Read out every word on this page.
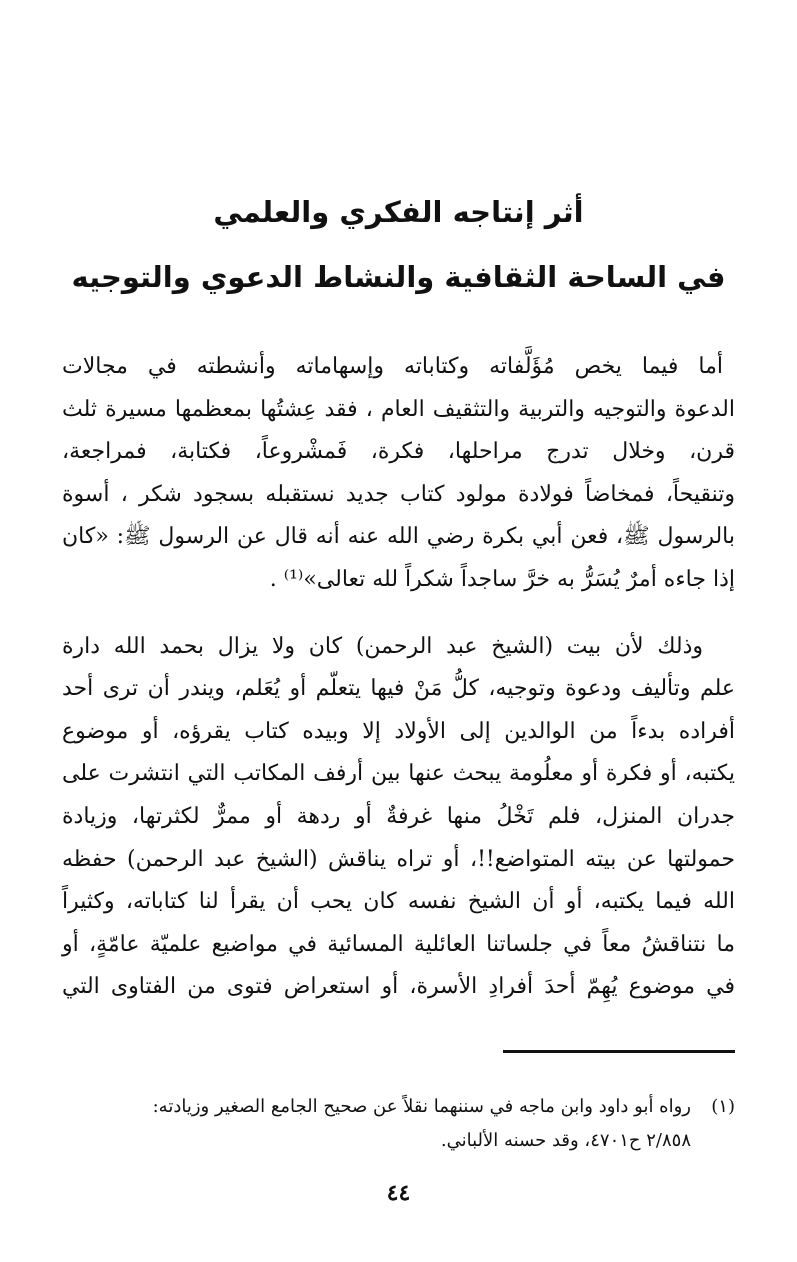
أثر إنتاجه الفكري والعلمي
في الساحة الثقافية والنشاط الدعوي والتوجيه

أما فيما يخص مُؤَلَّفاته وكتاباته وإسهاماته وأنشطته في مجالات
الدعوة والتوجيه والتربية والتثقيف العام ، فقد عِشتُها بمعظمها مسيرة ثلث
قرن، وخلال تدرج مراحلها، فكرة، فَمشْروعاً، فكتابة، فمراجعة،
وتنقيحاً، فمخاضاً فولادة مولود كتاب جديد نستقبله بسجود شكر ، أسوة
بالرسول ﷺ، فعن أبي بكرة رضي الله عنه أنه قال عن الرسول ﷺ: «كان
إذا جاءه أمرٌ يُسَرُّ به خرَّ ساجداً شكراً لله تعالى»⁽¹⁾ .

وذلك لأن بيت (الشيخ عبد الرحمن) كان ولا يزال بحمد الله دارة
علم وتأليف ودعوة وتوجيه، كلُّ مَنْ فيها يتعلّم أو يُعَلم، ويندر أن ترى أحد
أفراده بدءاً من الوالدين إلى الأولاد إلا وبيده كتاب يقرؤه، أو موضوع
يكتبه، أو فكرة أو معلُومة يبحث عنها بين أرفف المكاتب التي انتشرت على
جدران المنزل، فلم تَخْلُ منها غرفةٌ أو ردهة أو ممرٌّ لكثرتها، وزيادة
حمولتها عن بيته المتواضع!!، أو تراه يناقش (الشيخ عبد الرحمن) حفظه
الله فيما يكتبه، أو أن الشيخ نفسه كان يحب أن يقرأ لنا كتاباته، وكثيراً
ما نتناقشُ معاً في جلساتنا العائلية المسائية في مواضيع علميّة عامّةٍ، أو
في موضوع يُهِمّ أحدَ أفرادِ الأسرة، أو استعراض فتوى من الفتاوى التي

(١)رواه أبو داود وابن ماجه في سننهما نقلاً عن صحيح الجامع الصغير وزيادته:
٢/٨٥٨ ح٤٧٠١، وقد حسنه الألباني.
٤٤
